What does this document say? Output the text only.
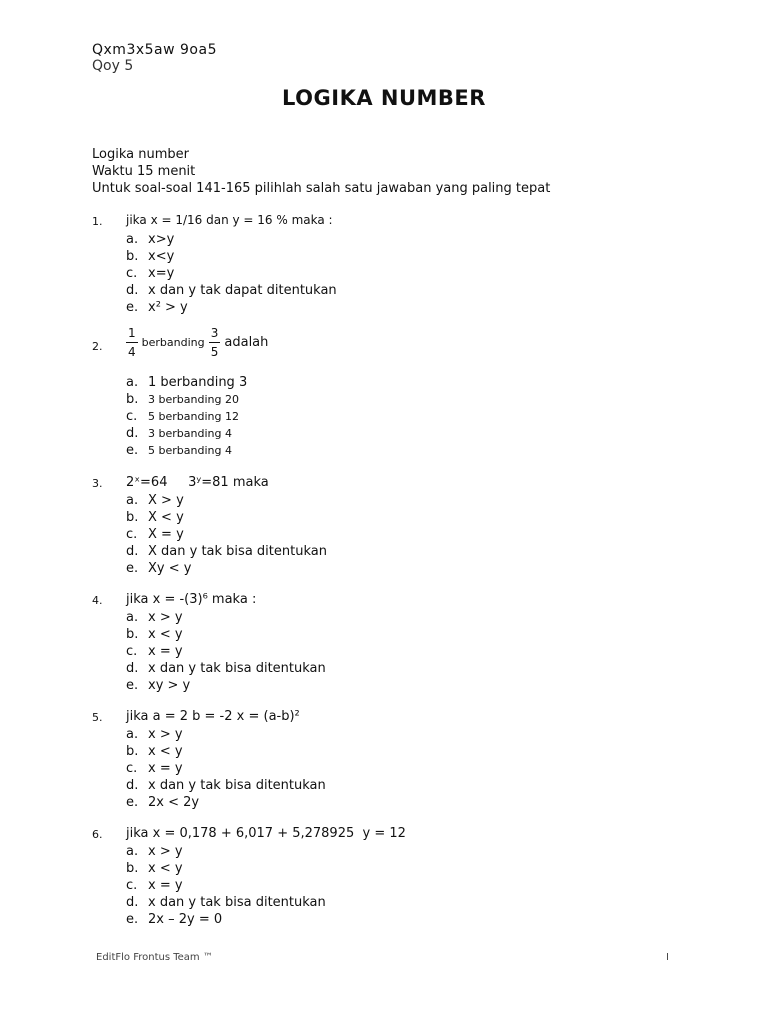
Qxm3x5aw 9oa5
Qoy 5
LOGIKA NUMBER
Logika number
Waktu 15 menit
Untuk soal-soal 141-165 pilihlah salah satu jawaban yang paling tepat
1. jika x = 1/16 dan y = 16 % maka :
a. x>y
b. x<y
c. x=y
d. x dan y tak dapat ditentukan
e. x² > y
2. $\frac{1}{4}$ berbanding $\frac{3}{5}$ adalah
a. 1 berbanding 3
b. 3 berbanding 20
c. 5 berbanding 12
d. 3 berbanding 4
e. 5 berbanding 4
3. 2ˣ=64     3ʸ=81 maka
a. X > y
b. X < y
c. X = y
d. X dan y tak bisa ditentukan
e. Xy < y
4. jika x = -(3)⁶ maka :
a. x > y
b. x < y
c. x = y
d. x dan y tak bisa ditentukan
e. xy > y
5. jika a = 2 b = -2 x = (a-b)²
a. x > y
b. x < y
c. x = y
d. x dan y tak bisa ditentukan
e. 2x < 2y
6. jika x = 0,178 + 6,017 + 5,278925  y = 12
a. x > y
b. x < y
c. x = y
d. x dan y tak bisa ditentukan
e. 2x – 2y = 0
EditFlo Frontus Team ™	I
